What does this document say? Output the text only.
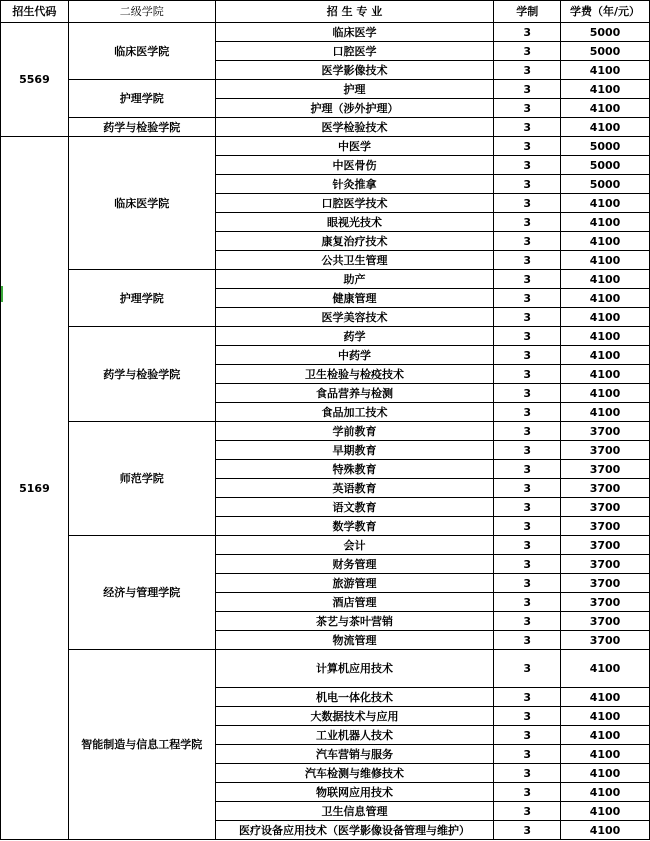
招生代码	二级学院	招 生 专 业	学制	学费（年/元）
5569	临床医学院	临床医学	3	5000
		口腔医学	3	5000
		医学影像技术	3	4100
	护理学院	护理	3	4100
		护理（涉外护理）	3	4100
	药学与检验学院	医学检验技术	3	4100
5169	临床医学院	中医学	3	5000
		中医骨伤	3	5000
		针灸推拿	3	5000
		口腔医学技术	3	4100
		眼视光技术	3	4100
		康复治疗技术	3	4100
		公共卫生管理	3	4100
	护理学院	助产	3	4100
		健康管理	3	4100
		医学美容技术	3	4100
	药学与检验学院	药学	3	4100
		中药学	3	4100
		卫生检验与检疫技术	3	4100
		食品营养与检测	3	4100
		食品加工技术	3	4100
	师范学院	学前教育	3	3700
		早期教育	3	3700
		特殊教育	3	3700
		英语教育	3	3700
		语文教育	3	3700
		数学教育	3	3700
	经济与管理学院	会计	3	3700
		财务管理	3	3700
		旅游管理	3	3700
		酒店管理	3	3700
		茶艺与茶叶营销	3	3700
		物流管理	3	3700
	智能制造与信息工程学院	计算机应用技术	3	4100
		机电一体化技术	3	4100
		大数据技术与应用	3	4100
		工业机器人技术	3	4100
		汽车营销与服务	3	4100
		汽车检测与维修技术	3	4100
		物联网应用技术	3	4100
		卫生信息管理	3	4100
		医疗设备应用技术（医学影像设备管理与维护）	3	4100
